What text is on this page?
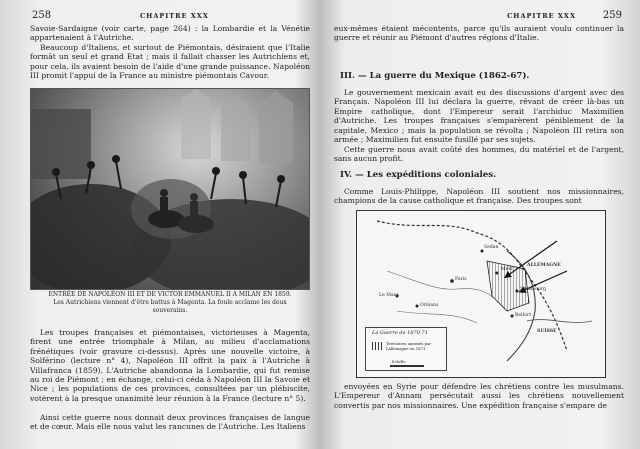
258	CHAPITRE XXX

Savoie-Sardaigne (voir carte, page 264) : la Lombardie et la Vénétie appartenaient à l'Autriche.

Beaucoup d'Italiens, et surtout de Piémontais, désiraient que l'Italie formât un seul et grand Etat ; mais il fallait chasser les Autrichiens et, pour cela, ils avaient besoin de l'aide d'une grande puissance. Napoléon III promit l'appui de la France au ministre piémontais Cavour.

Cliché Braun
ENTRÉE DE NAPOLÉON III ET DE VICTOR EMMANUEL II A MILAN EN 1859.
Les Autrichiens viennent d'être battus à Magenta. La foule acclame les deux souverains.

Les troupes françaises et piémontaises, victorieuses à Magenta, firent une entrée triomphale à Milan, au milieu d'acclamations frénétiques (voir gravure ci-dessus). Après une nouvelle victoire, à Solférino (lecture n° 4), Napoléon III offrit la paix à l'Autriche à Villafranca (1859). L'Autriche abandonna la Lombardie, qui fut remise au roi de Piémont ; en échange, celui-ci céda à Napoléon III la Savoie et Nice ; les populations de ces provinces, consultées par un plébiscite, votèrent à la presque unanimité leur réunion à la France (lecture n° 5).

Ainsi cette guerre nous donnait deux provinces françaises de langue et de cœur. Mais elle nous valut les rancunes de l'Autriche. Les Italiens

259
CHAPITRE XXX

eux-mêmes étaient mécontents, parce qu'ils auraient voulu continuer la guerre et réunir au Piémont d'autres régions d'Italie.

III. — La guerre du Mexique (1862-67).

Le gouvernement mexicain avait eu des discussions d'argent avec des Français. Napoléon III lui déclara la guerre, rêvant de créer là-bas un Empire catholique, dont l'Empereur serait l'archiduc Maximilien d'Autriche. Les troupes françaises s'emparèrent péniblement de la capitale, Mexico ; mais la population se révolta ; Napoléon III retira son armée ; Maximilien fut ensuite fusillé par ses sujets.

Cette guerre nous avait coûté des hommes, du matériel et de l'argent, sans aucun profit.

IV. — Les expéditions coloniales.

Comme Louis-Philippe, Napoléon III soutient nos missionnaires, champions de la cause catholique et française. Des troupes sont

ALLEMAGNE
SUISSE
Metz
Sedan
Strasbourg
Paris
Orléans
Le Mans
Belfort
La Guerre de 1870-71
Territoires annexés par l'Allemagne en 1871
Echelle

envoyées en Syrie pour défendre les chrétiens contre les musulmans. L'Empereur d'Annam persécutait aussi les chrétiens nouvellement convertis par nos missionnaires. Une expédition française s'empare de
